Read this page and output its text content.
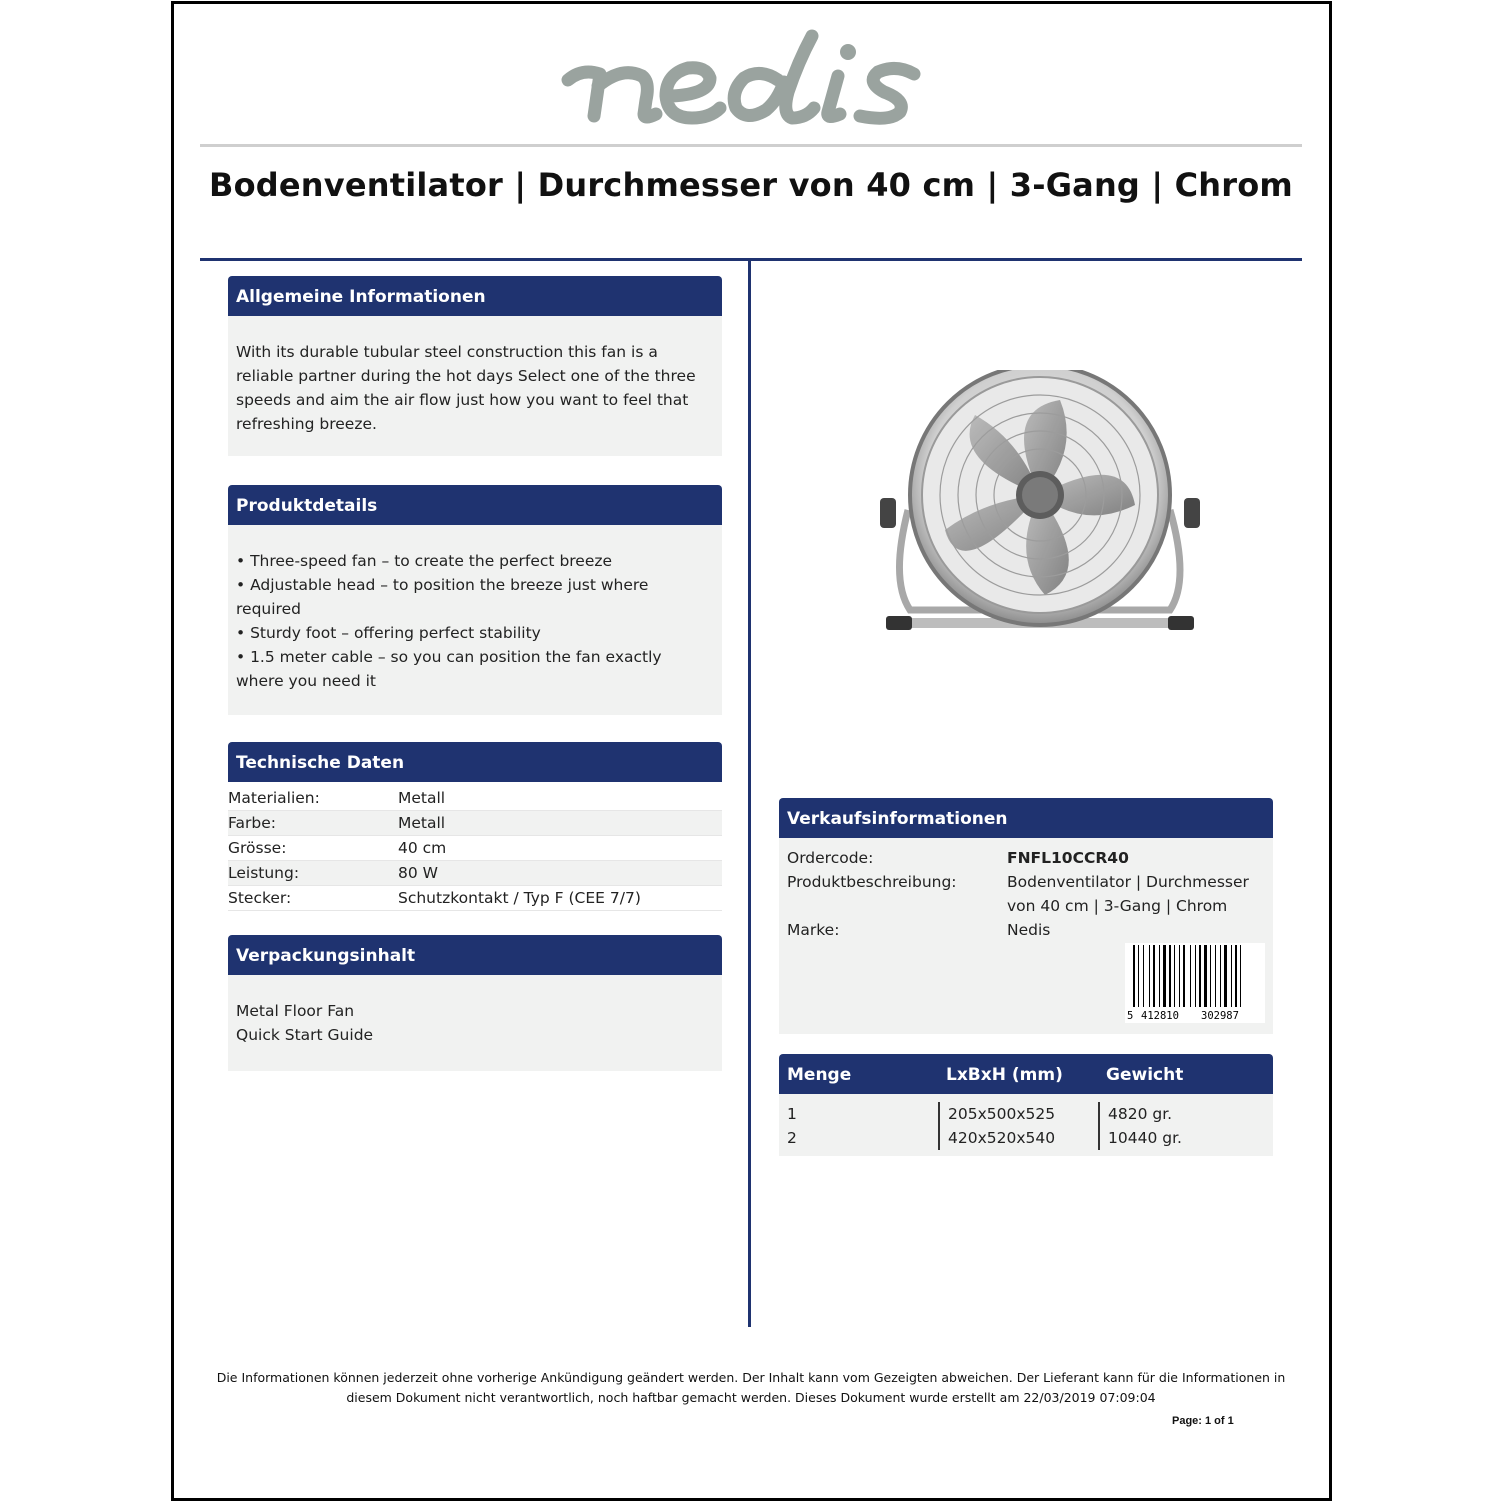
nedis
Bodenventilator | Durchmesser von 40 cm | 3-Gang | Chrom
Allgemeine Informationen
With its durable tubular steel construction this fan is a
reliable partner during the hot days Select one of the three
speeds and aim the air flow just how you want to feel that
refreshing breeze.
Produktdetails
• Three-speed fan – to create the perfect breeze
• Adjustable head – to position the breeze just where
required
• Sturdy foot – offering perfect stability
• 1.5 meter cable – so you can position the fan exactly
where you need it
Technische Daten
Materialien:	Metall
Farbe:	Metall
Grösse:	40 cm
Leistung:	80 W
Stecker:	Schutzkontakt / Typ F (CEE 7/7)
Verpackungsinhalt
Metal Floor Fan
Quick Start Guide
Verkaufsinformationen
Ordercode:	FNFL10CCR40
Produktbeschreibung:	Bodenventilator | Durchmesser
von 40 cm | 3-Gang | Chrom
Marke:	Nedis
5 412810 302987
Menge	LxBxH (mm)	Gewicht
1	205x500x525	4820 gr.
2	420x520x540	10440 gr.
Die Informationen können jederzeit ohne vorherige Ankündigung geändert werden. Der Inhalt kann vom Gezeigten abweichen. Der Lieferant kann für die Informationen in
diesem Dokument nicht verantwortlich, noch haftbar gemacht werden. Dieses Dokument wurde erstellt am 22/03/2019 07:09:04
Page: 1 of 1
